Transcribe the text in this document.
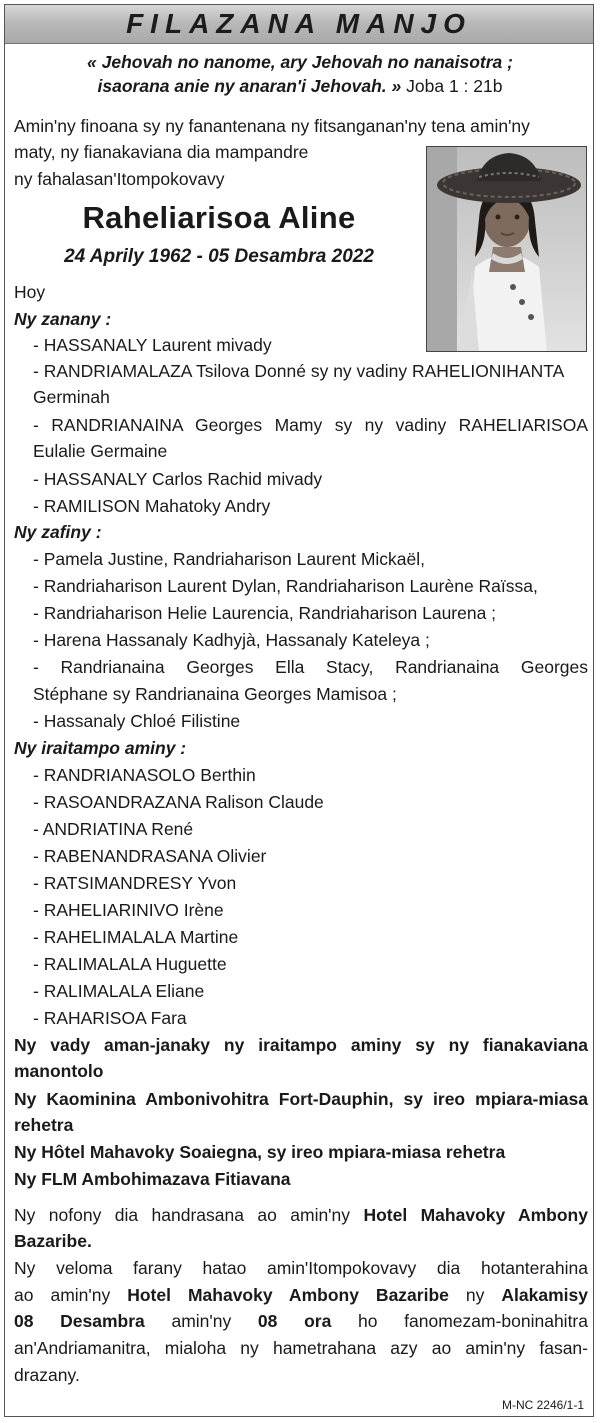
FILAZANA MANJO
« Jehovah no nanome, ary Jehovah no nanaisotra ;
isaorana anie ny anaran'i Jehovah. » Joba 1 : 21b
Amin'ny finoana sy ny fanantenana ny fitsanganan'ny tena amin'ny
maty, ny fianakaviana dia mampandre
ny fahalasan'Itompokovavy
Raheliarisoa Aline
24 Aprily 1962 - 05 Desambra 2022
Hoy
Ny zanany :
- HASSANALY Laurent mivady
- RANDRIAMALAZA Tsilova Donné sy ny vadiny RAHELIONIHANTA
Germinah
- RANDRIANAINA Georges Mamy sy ny vadiny RAHELIARISOA
Eulalie Germaine
- HASSANALY Carlos Rachid mivady
- RAMILISON Mahatoky Andry
Ny zafiny :
- Pamela Justine, Randriaharison Laurent Mickaël,
- Randriaharison Laurent Dylan, Randriaharison Laurène Raïssa,
- Randriaharison Helie Laurencia, Randriaharison Laurena ;
- Harena Hassanaly Kadhyjà, Hassanaly Kateleya ;
- Randrianaina Georges Ella Stacy, Randrianaina Georges
Stéphane sy Randrianaina Georges Mamisoa ;
- Hassanaly Chloé Filistine
Ny iraitampo aminy :
- RANDRIANASOLO Berthin
- RASOANDRAZANA Ralison Claude
- ANDRIATINA René
- RABENANDRASANA Olivier
- RATSIMANDRESY Yvon
- RAHELIARINIVO Irène
- RAHELIMALALA Martine
- RALIMALALA Huguette
- RALIMALALA Eliane
- RAHARISOA Fara
Ny vady aman-janaky ny iraitampo aminy sy ny fianakaviana
manontolo
Ny Kaominina Ambonivohitra Fort-Dauphin, sy ireo mpiara-miasa
rehetra
Ny Hôtel Mahavoky Soaiegna, sy ireo mpiara-miasa rehetra
Ny FLM Ambohimazava Fitiavana
Ny nofony dia handrasana ao amin'ny Hotel Mahavoky Ambony
Bazaribe.
Ny veloma farany hatao amin'Itompokovavy dia hotanterahina
ao amin'ny Hotel Mahavoky Ambony Bazaribe ny Alakamisy
08 Desambra amin'ny 08 ora ho fanomezam-boninahitra
an'Andriamanitra, mialoha ny hametrahana azy ao amin'ny fasan-
drazany.
M-NC 2246/1-1
